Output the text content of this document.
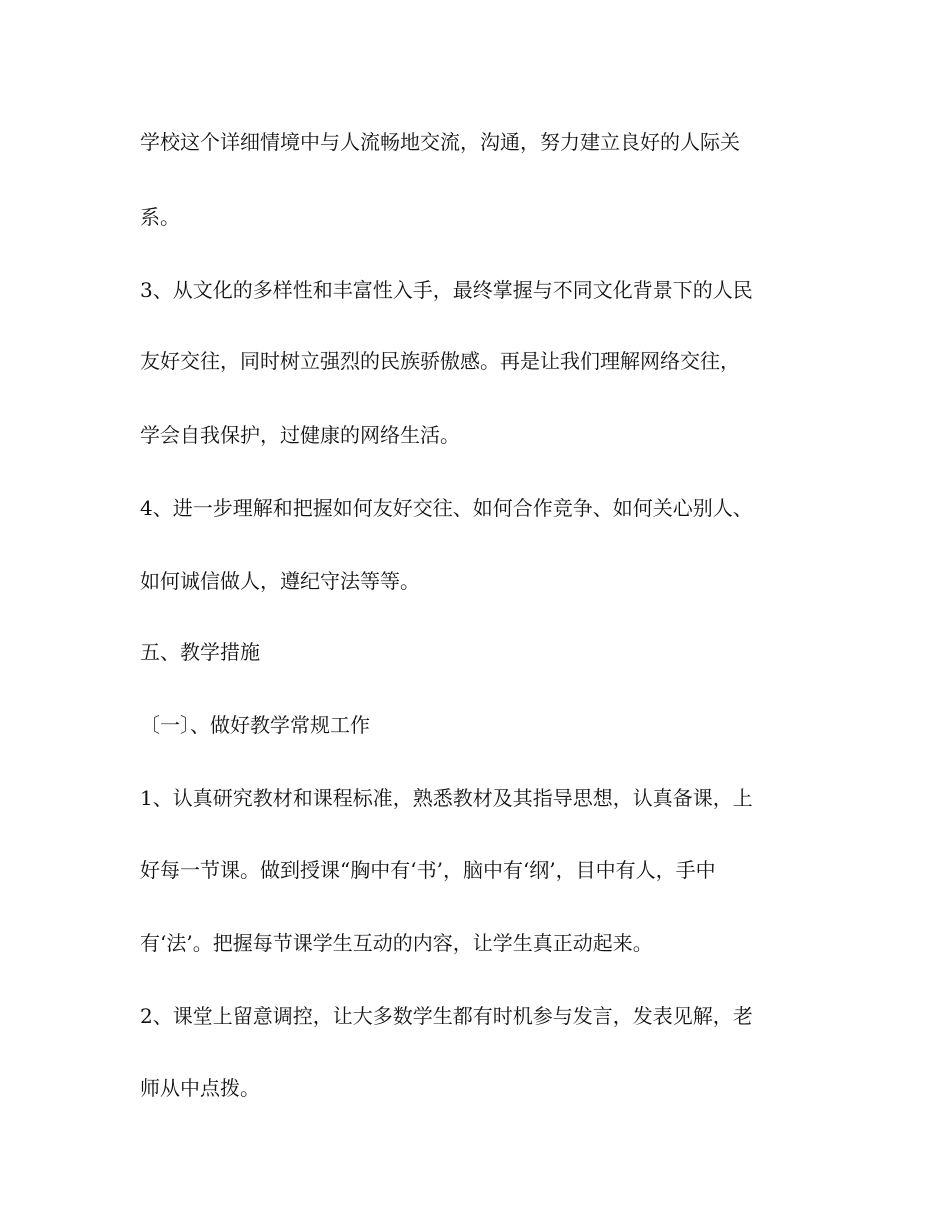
学校这个详细情境中与人流畅地交流，沟通，努力建立良好的人际关
系。
3、从文化的多样性和丰富性入手，最终掌握与不同文化背景下的人民
友好交往，同时树立强烈的民族骄傲感。再是让我们理解网络交往，
学会自我保护，过健康的网络生活。
4、进一步理解和把握如何友好交往、如何合作竞争、如何关心别人、
如何诚信做人，遵纪守法等等。
五、教学措施
〔一〕、做好教学常规工作
1、认真研究教材和课程标准，熟悉教材及其指导思想，认真备课，上
好每一节课。做到授课“胸中有‘书’，脑中有‘纲’，目中有人，手中
有‘法’。把握每节课学生互动的内容，让学生真正动起来。
2、课堂上留意调控，让大多数学生都有时机参与发言，发表见解，老
师从中点拨。
